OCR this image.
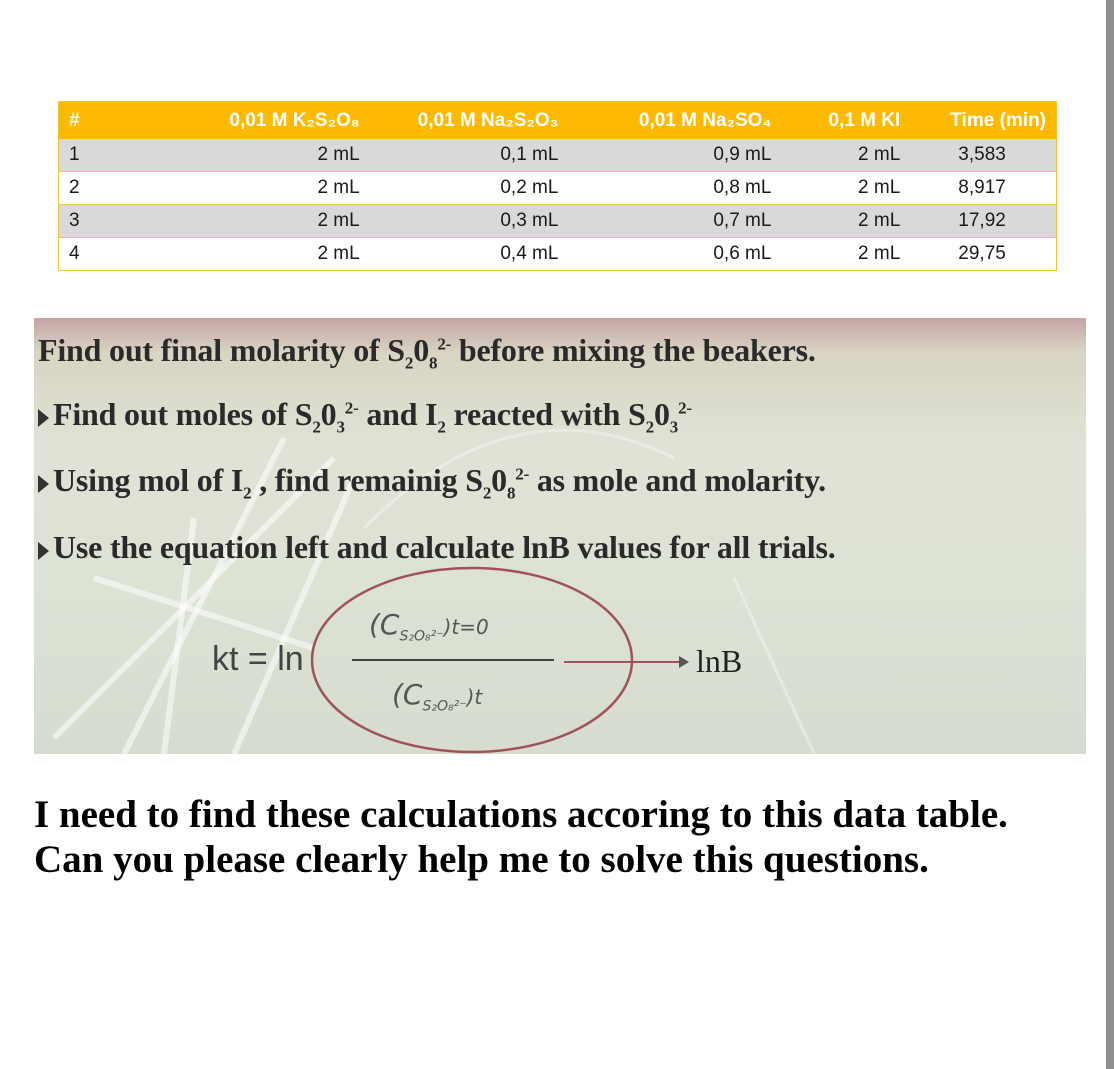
#	0,01 M K₂S₂O₈	0,01 M Na₂S₂O₃	0,01 M Na₂SO₄	0,1 M KI	Time (min)
1	2 mL	0,1 mL	0,9 mL	2 mL	3,583
2	2 mL	0,2 mL	0,8 mL	2 mL	8,917
3	2 mL	0,3 mL	0,7 mL	2 mL	17,92
4	2 mL	0,4 mL	0,6 mL	2 mL	29,75
Find out final molarity of $S_20_8^{2-}$ before mixing the beakers.
Find out moles of $S_20_3^{2-}$ and $I_2$ reacted with $S_20_3^{2-}$
Using mol of $I_2$ , find remainig $S_20_8^{2-}$ as mole and molarity.
Use the equation left and calculate lnB values for all trials.
kt = ln
$(C_{S_2O_8^{2-}})t=0$
$(C_{S_2O_8^{2-}})t$
lnB

I need to find these calculations accoring to this data table. Can you please clearly help me to solve this questions.
